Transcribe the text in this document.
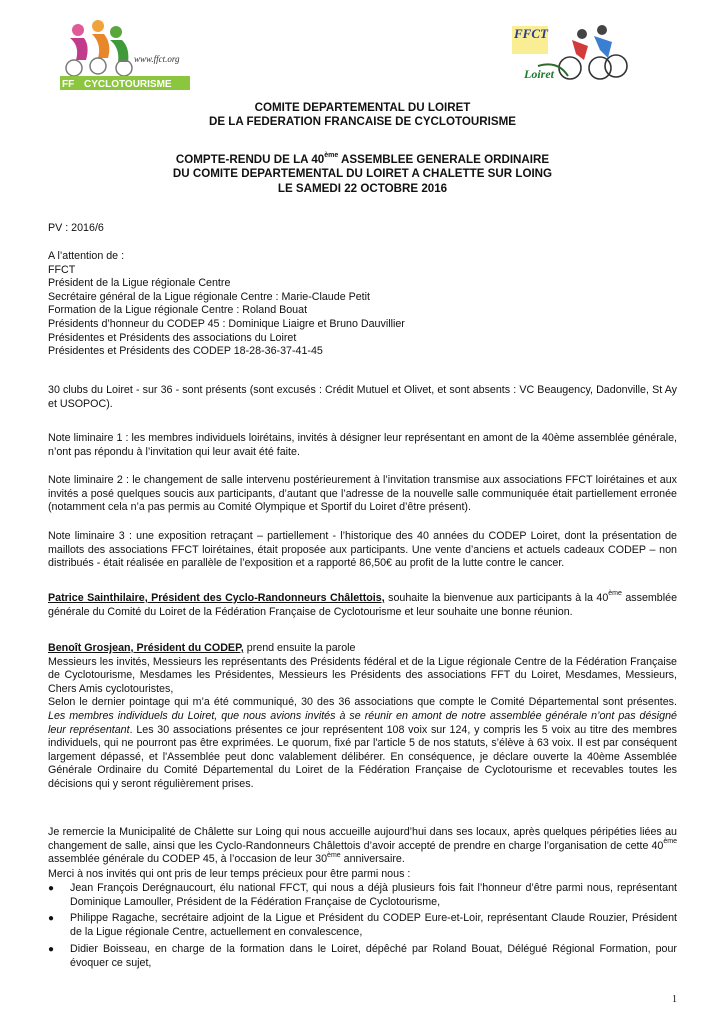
www.ffct.org
FF CYCLOTOURISME
FFCT
Loiret
COMITE DEPARTEMENTAL DU LOIRET
DE LA FEDERATION FRANCAISE DE CYCLOTOURISME
COMPTE-RENDU DE LA 40ème ASSEMBLEE GENERALE ORDINAIRE
DU COMITE DEPARTEMENTAL DU LOIRET A CHALETTE SUR LOING
LE SAMEDI 22 OCTOBRE 2016
PV : 2016/6
A l’attention de :
FFCT
Président de la Ligue régionale Centre
Secrétaire général de la Ligue régionale Centre : Marie-Claude Petit
Formation de la Ligue régionale Centre : Roland Bouat
Présidents d’honneur du CODEP 45 : Dominique Liaigre et Bruno Dauvillier
Présidentes et Présidents des associations du Loiret
Présidentes et Présidents des CODEP 18-28-36-37-41-45
30 clubs du Loiret - sur 36 - sont présents (sont excusés : Crédit Mutuel et Olivet, et sont absents : VC Beaugency, Dadonville, St Ay et USOPOC).
Note liminaire 1 : les membres individuels loirétains, invités à désigner leur représentant en amont de la 40ème assemblée générale, n’ont pas répondu à l’invitation qui leur avait été faite.
Note liminaire 2 : le changement de salle intervenu postérieurement à l’invitation transmise aux associations FFCT loirétaines et aux invités a posé quelques soucis aux participants, d’autant que l’adresse de la nouvelle salle communiquée était partiellement erronée (notamment cela n’a pas permis au Comité Olympique et Sportif du Loiret d’être présent).
Note liminaire 3 : une exposition retraçant – partiellement - l’historique des 40 années du CODEP Loiret, dont la présentation de maillots des associations FFCT loirétaines, était proposée aux participants. Une vente d’anciens et actuels cadeaux CODEP – non distribués - était réalisée en parallèle de l’exposition et a rapporté 86,50€ au profit de la lutte contre le cancer.
Patrice Sainthilaire, Président des Cyclo-Randonneurs Châlettois, souhaite la bienvenue aux participants à la 40ème assemblée générale du Comité du Loiret de la Fédération Française de Cyclotourisme et leur souhaite une bonne réunion.
Benoît Grosjean, Président du CODEP, prend ensuite la parole
Messieurs les invités, Messieurs les représentants des Présidents fédéral et de la Ligue régionale Centre de la Fédération Française de Cyclotourisme, Mesdames les Présidentes, Messieurs les Présidents des associations FFT du Loiret, Mesdames, Messieurs, Chers Amis cyclotouristes,
Selon le dernier pointage qui m’a été communiqué, 30 des 36 associations que compte le Comité Départemental sont présentes. Les membres individuels du Loiret, que nous avions invités à se réunir en amont de notre assemblée générale n’ont pas désigné leur représentant. Les 30 associations présentes ce jour représentent 108 voix sur 124, y compris les 5 voix au titre des membres individuels, qui ne pourront pas être exprimées. Le quorum, fixé par l'article 5 de nos statuts, s’élève à 63 voix. Il est par conséquent largement dépassé, et l'Assemblée peut donc valablement délibérer. En conséquence, je déclare ouverte la 40ème Assemblée Générale Ordinaire du Comité Départemental du Loiret de la Fédération Française de Cyclotourisme et recevables toutes les décisions qui y seront régulièrement prises.
Je remercie la Municipalité de Châlette sur Loing qui nous accueille aujourd’hui dans ses locaux, après quelques péripéties liées au changement de salle, ainsi que les Cyclo-Randonneurs Châlettois d’avoir accepté de prendre en charge l’organisation de cette 40ème assemblée générale du CODEP 45, à l’occasion de leur 30ème anniversaire.
Merci à nos invités qui ont pris de leur temps précieux pour être parmi nous :
●	Jean François Derégnaucourt, élu national FFCT, qui nous a déjà plusieurs fois fait l’honneur d’être parmi nous, représentant Dominique Lamouller, Président de la Fédération Française de Cyclotourisme,
●	Philippe Ragache, secrétaire adjoint de la Ligue et Président du CODEP Eure-et-Loir, représentant Claude Rouzier, Président de la Ligue régionale Centre, actuellement en convalescence,
●	Didier Boisseau, en charge de la formation dans le Loiret, dépêché par Roland Bouat, Délégué Régional Formation, pour évoquer ce sujet,
1
